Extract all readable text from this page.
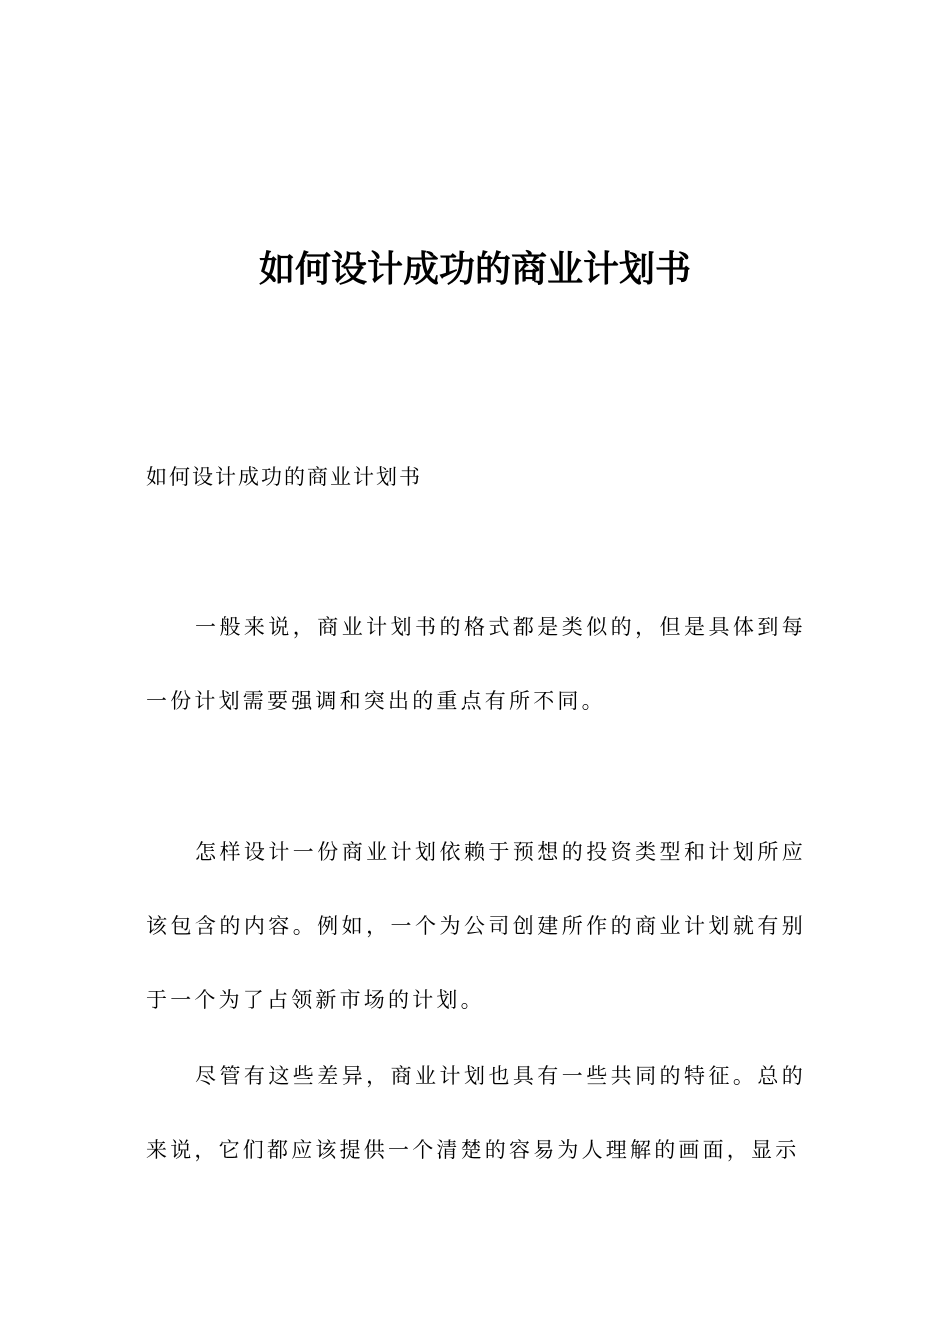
如何设计成功的商业计划书
如何设计成功的商业计划书

一般来说，商业计划书的格式都是类似的，但是具体到每一份计划需要强调和突出的重点有所不同。

怎样设计一份商业计划依赖于预想的投资类型和计划所应该包含的内容。例如，一个为公司创建所作的商业计划就有别于一个为了占领新市场的计划。

尽管有这些差异，商业计划也具有一些共同的特征。总的来说，它们都应该提供一个清楚的容易为人理解的画面，显示
